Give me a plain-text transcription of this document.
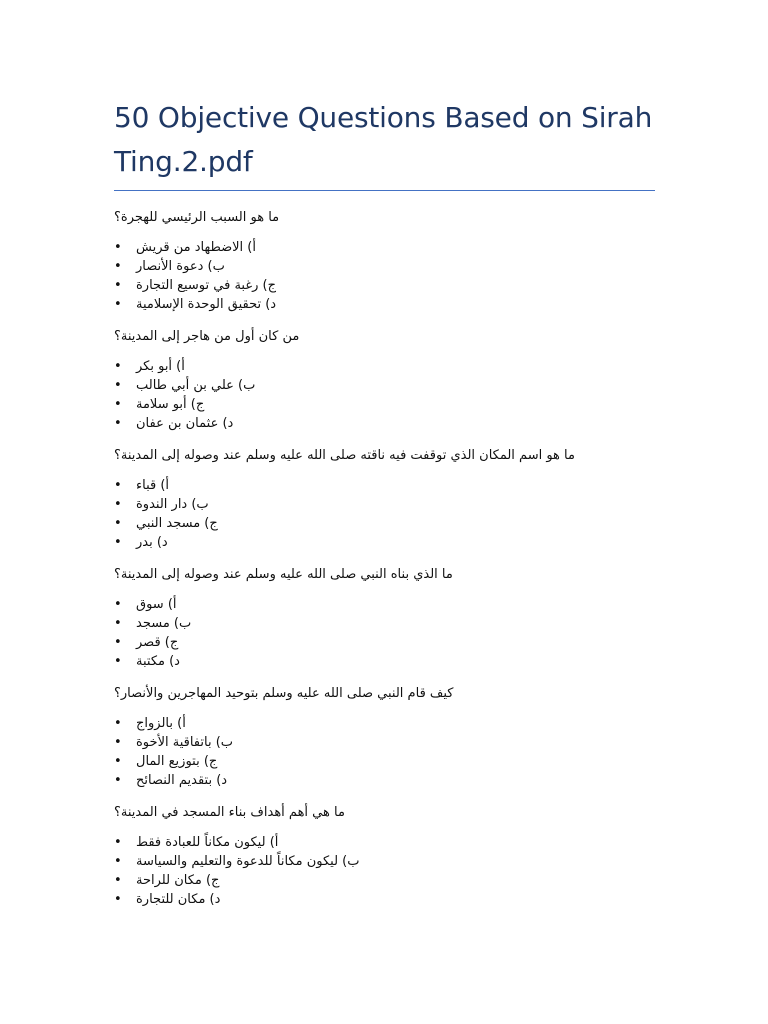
50 Objective Questions Based on Sirah Ting.2.pdf

ما هو السبب الرئيسي للهجرة؟

• أ) الاضطهاد من قريش
• ب) دعوة الأنصار
• ج) رغبة في توسيع التجارة
• د) تحقيق الوحدة الإسلامية

من كان أول من هاجر إلى المدينة؟

• أ) أبو بكر
• ب) علي بن أبي طالب
• ج) أبو سلامة
• د) عثمان بن عفان

ما هو اسم المكان الذي توقفت فيه ناقته صلى الله عليه وسلم عند وصوله إلى المدينة؟

• أ) قباء
• ب) دار الندوة
• ج) مسجد النبي
• د) بدر

ما الذي بناه النبي صلى الله عليه وسلم عند وصوله إلى المدينة؟

• أ) سوق
• ب) مسجد
• ج) قصر
• د) مكتبة

كيف قام النبي صلى الله عليه وسلم بتوحيد المهاجرين والأنصار؟

• أ) بالزواج
• ب) باتفاقية الأخوة
• ج) بتوزيع المال
• د) بتقديم النصائح

ما هي أهم أهداف بناء المسجد في المدينة؟

• أ) ليكون مكاناً للعبادة فقط
• ب) ليكون مكاناً للدعوة والتعليم والسياسة
• ج) مكان للراحة
• د) مكان للتجارة
